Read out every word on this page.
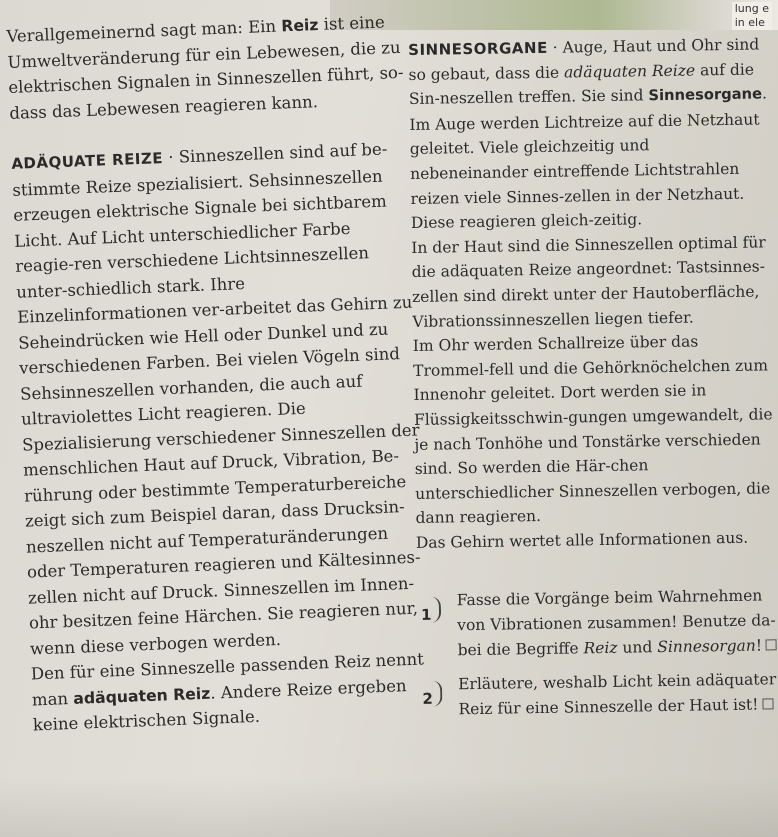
lung e
in ele

Verallgemeinernd sagt man: Ein Reiz ist eine Umweltveränderung für ein Lebewesen, die zu elektrischen Signalen in Sinneszellen führt, so-dass das Lebewesen reagieren kann.

ADÄQUATE REIZE · Sinneszellen sind auf be-stimmte Reize spezialisiert. Sehsinneszellen erzeugen elektrische Signale bei sichtbarem Licht. Auf Licht unterschiedlicher Farbe reagie-ren verschiedene Lichtsinneszellen unter-schiedlich stark. Ihre Einzelinformationen ver-arbeitet das Gehirn zu Seheindrücken wie Hell oder Dunkel und zu verschiedenen Farben. Bei vielen Vögeln sind Sehsinneszellen vorhanden, die auch auf ultraviolettes Licht reagieren. Die Spezialisierung verschiedener Sinneszellen der menschlichen Haut auf Druck, Vibration, Be-rührung oder bestimmte Temperaturbereiche zeigt sich zum Beispiel daran, dass Drucksin-neszellen nicht auf Temperaturänderungen oder Temperaturen reagieren und Kältesinnes-zellen nicht auf Druck. Sinneszellen im Innen-ohr besitzen feine Härchen. Sie reagieren nur, wenn diese verbogen werden.

Den für eine Sinneszelle passenden Reiz nennt man adäquaten Reiz. Andere Reize ergeben keine elektrischen Signale.

SINNESORGANE · Auge, Haut und Ohr sind so gebaut, dass die adäquaten Reize auf die Sin-neszellen treffen. Sie sind Sinnesorgane.

Im Auge werden Lichtreize auf die Netzhaut geleitet. Viele gleichzeitig und nebeneinander eintreffende Lichtstrahlen reizen viele Sinnes-zellen in der Netzhaut. Diese reagieren gleich-zeitig.

In der Haut sind die Sinneszellen optimal für die adäquaten Reize angeordnet: Tastsinnes-zellen sind direkt unter der Hautoberfläche, Vibrationssinneszellen liegen tiefer.

Im Ohr werden Schallreize über das Trommel-fell und die Gehörknöchelchen zum Innenohr geleitet. Dort werden sie in Flüssigkeitsschwin-gungen umgewandelt, die je nach Tonhöhe und Tonstärke verschieden sind. So werden die Här-chen unterschiedlicher Sinneszellen verbogen, die dann reagieren.

Das Gehirn wertet alle Informationen aus.

1
Fasse die Vorgänge beim Wahrnehmen von Vibrationen zusammen! Benutze da-bei die Begriffe Reiz und Sinnesorgan!

2
Erläutere, weshalb Licht kein adäquater Reiz für eine Sinneszelle der Haut ist!
